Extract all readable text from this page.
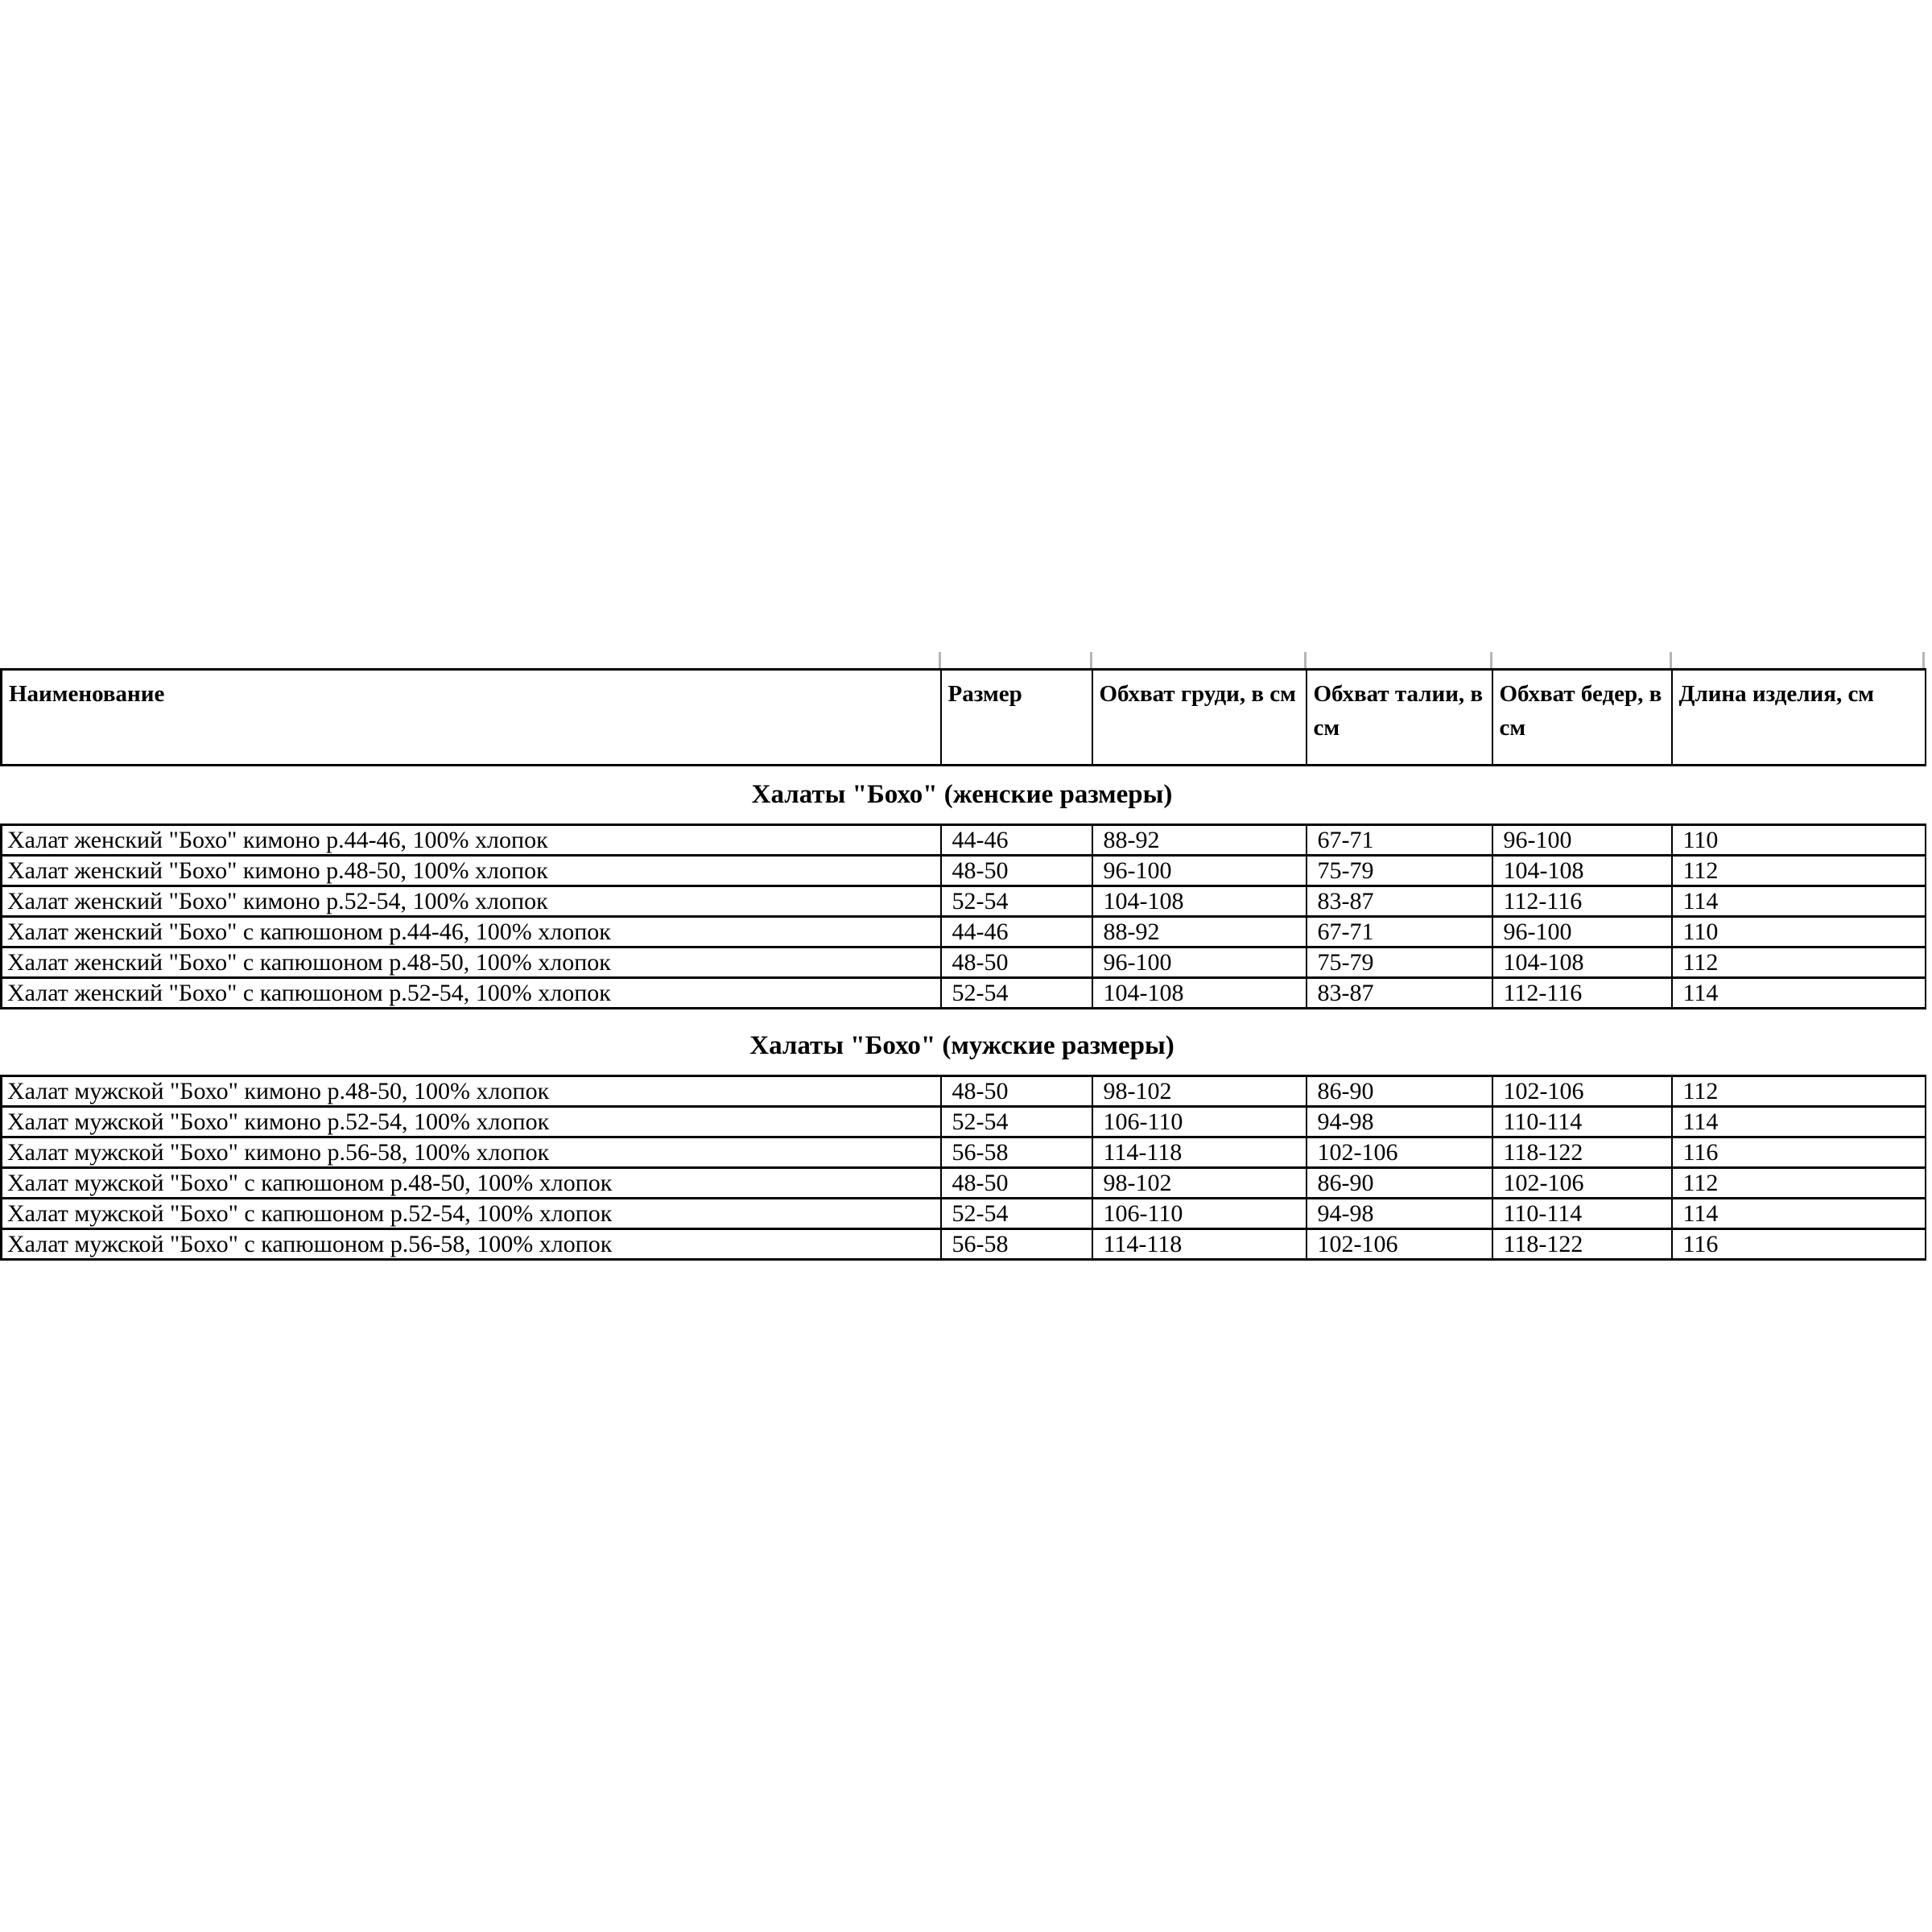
Наименование	Размер	Обхват груди, в см	Обхват талии, в см	Обхват бедер, в см	Длина изделия, см
Халаты "Бохо" (женские размеры)
Халат женский "Бохо" кимоно р.44-46, 100% хлопок	44-46	88-92	67-71	96-100	110
Халат женский "Бохо" кимоно р.48-50, 100% хлопок	48-50	96-100	75-79	104-108	112
Халат женский "Бохо" кимоно р.52-54, 100% хлопок	52-54	104-108	83-87	112-116	114
Халат женский "Бохо" с капюшоном р.44-46, 100% хлопок	44-46	88-92	67-71	96-100	110
Халат женский "Бохо" с капюшоном р.48-50, 100% хлопок	48-50	96-100	75-79	104-108	112
Халат женский "Бохо" с капюшоном р.52-54, 100% хлопок	52-54	104-108	83-87	112-116	114
Халаты "Бохо" (мужские размеры)
Халат мужской "Бохо" кимоно р.48-50, 100% хлопок	48-50	98-102	86-90	102-106	112
Халат мужской "Бохо" кимоно р.52-54, 100% хлопок	52-54	106-110	94-98	110-114	114
Халат мужской "Бохо" кимоно р.56-58, 100% хлопок	56-58	114-118	102-106	118-122	116
Халат мужской "Бохо" с капюшоном р.48-50, 100% хлопок	48-50	98-102	86-90	102-106	112
Халат мужской "Бохо" с капюшоном р.52-54, 100% хлопок	52-54	106-110	94-98	110-114	114
Халат мужской "Бохо" с капюшоном р.56-58, 100% хлопок	56-58	114-118	102-106	118-122	116
